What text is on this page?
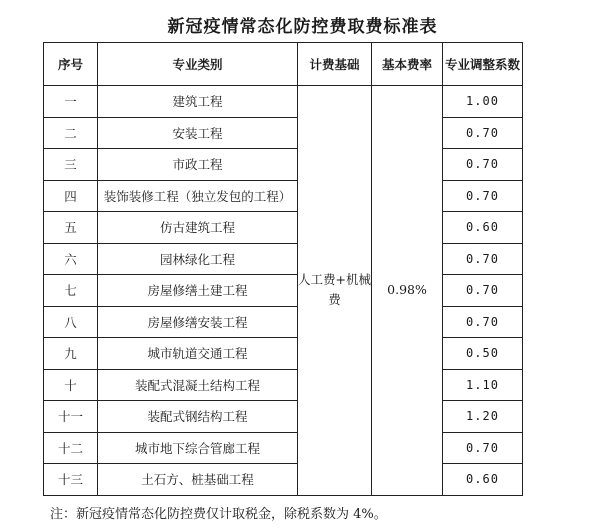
新冠疫情常态化防控费取费标准表
序号	专业类别	计费基础	基本费率	专业调整系数
一	建筑工程	人工费+机械费	0.98%	1.00
二	安装工程			0.70
三	市政工程			0.70
四	装饰装修工程（独立发包的工程）			0.70
五	仿古建筑工程			0.60
六	园林绿化工程			0.70
七	房屋修缮土建工程			0.70
八	房屋修缮安装工程			0.70
九	城市轨道交通工程			0.50
十	装配式混凝土结构工程			1.10
十一	装配式钢结构工程			1.20
十二	城市地下综合管廊工程			0.70
十三	土石方、桩基础工程			0.60
注：新冠疫情常态化防控费仅计取税金，除税系数为 4%。
